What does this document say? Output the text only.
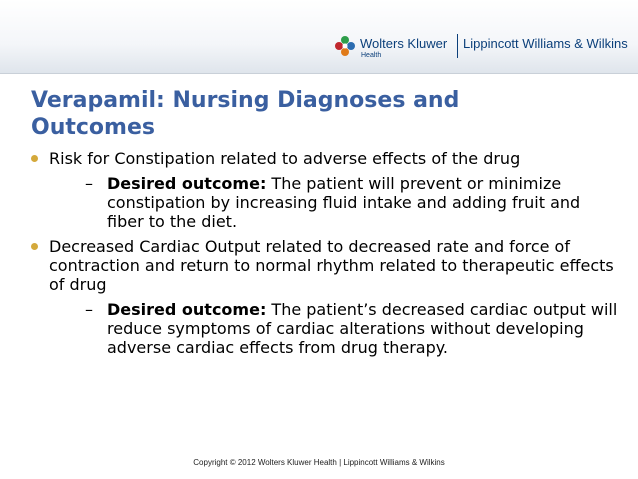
Wolters Kluwer
Health
Lippincott Williams & Wilkins
Verapamil: Nursing Diagnoses and Outcomes
Risk for Constipation related to adverse effects of the drug
– Desired outcome: The patient will prevent or minimize constipation by increasing fluid intake and adding fruit and fiber to the diet.
Decreased Cardiac Output related to decreased rate and force of contraction and return to normal rhythm related to therapeutic effects of drug
– Desired outcome: The patient’s decreased cardiac output will reduce symptoms of cardiac alterations without developing adverse cardiac effects from drug therapy.
Copyright © 2012 Wolters Kluwer Health | Lippincott Williams & Wilkins
